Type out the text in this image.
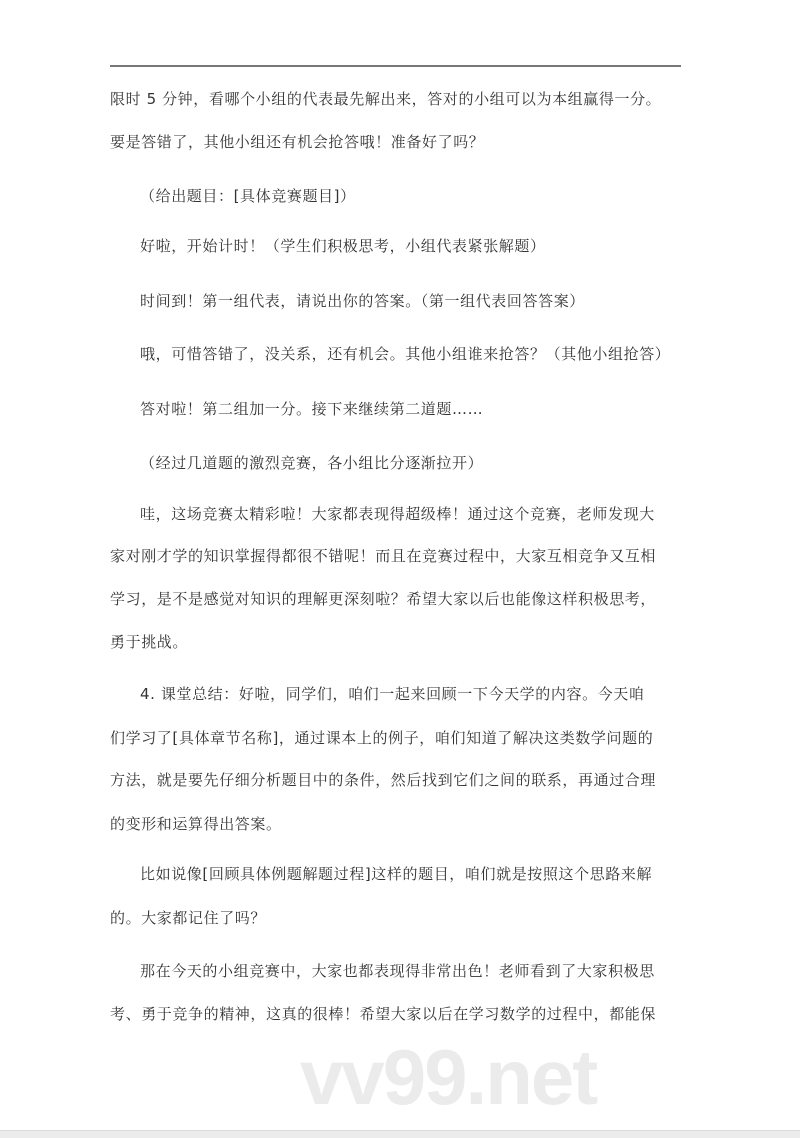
限时 5 分钟，看哪个小组的代表最先解出来，答对的小组可以为本组赢得一分。
要是答错了，其他小组还有机会抢答哦！准备好了吗？
（给出题目：[具体竞赛题目]）
好啦，开始计时！（学生们积极思考，小组代表紧张解题）
时间到！第一组代表，请说出你的答案。（第一组代表回答答案）
哦，可惜答错了，没关系，还有机会。其他小组谁来抢答？（其他小组抢答）
答对啦！第二组加一分。接下来继续第二道题……
（经过几道题的激烈竞赛，各小组比分逐渐拉开）
哇，这场竞赛太精彩啦！大家都表现得超级棒！通过这个竞赛，老师发现大
家对刚才学的知识掌握得都很不错呢！而且在竞赛过程中，大家互相竞争又互相
学习，是不是感觉对知识的理解更深刻啦？希望大家以后也能像这样积极思考，
勇于挑战。
4. 课堂总结：好啦，同学们，咱们一起来回顾一下今天学的内容。今天咱
们学习了[具体章节名称]，通过课本上的例子，咱们知道了解决这类数学问题的
方法，就是要先仔细分析题目中的条件，然后找到它们之间的联系，再通过合理
的变形和运算得出答案。
比如说像[回顾具体例题解题过程]这样的题目，咱们就是按照这个思路来解
的。大家都记住了吗？
那在今天的小组竞赛中，大家也都表现得非常出色！老师看到了大家积极思
考、勇于竞争的精神，这真的很棒！希望大家以后在学习数学的过程中，都能保
vv99.net
